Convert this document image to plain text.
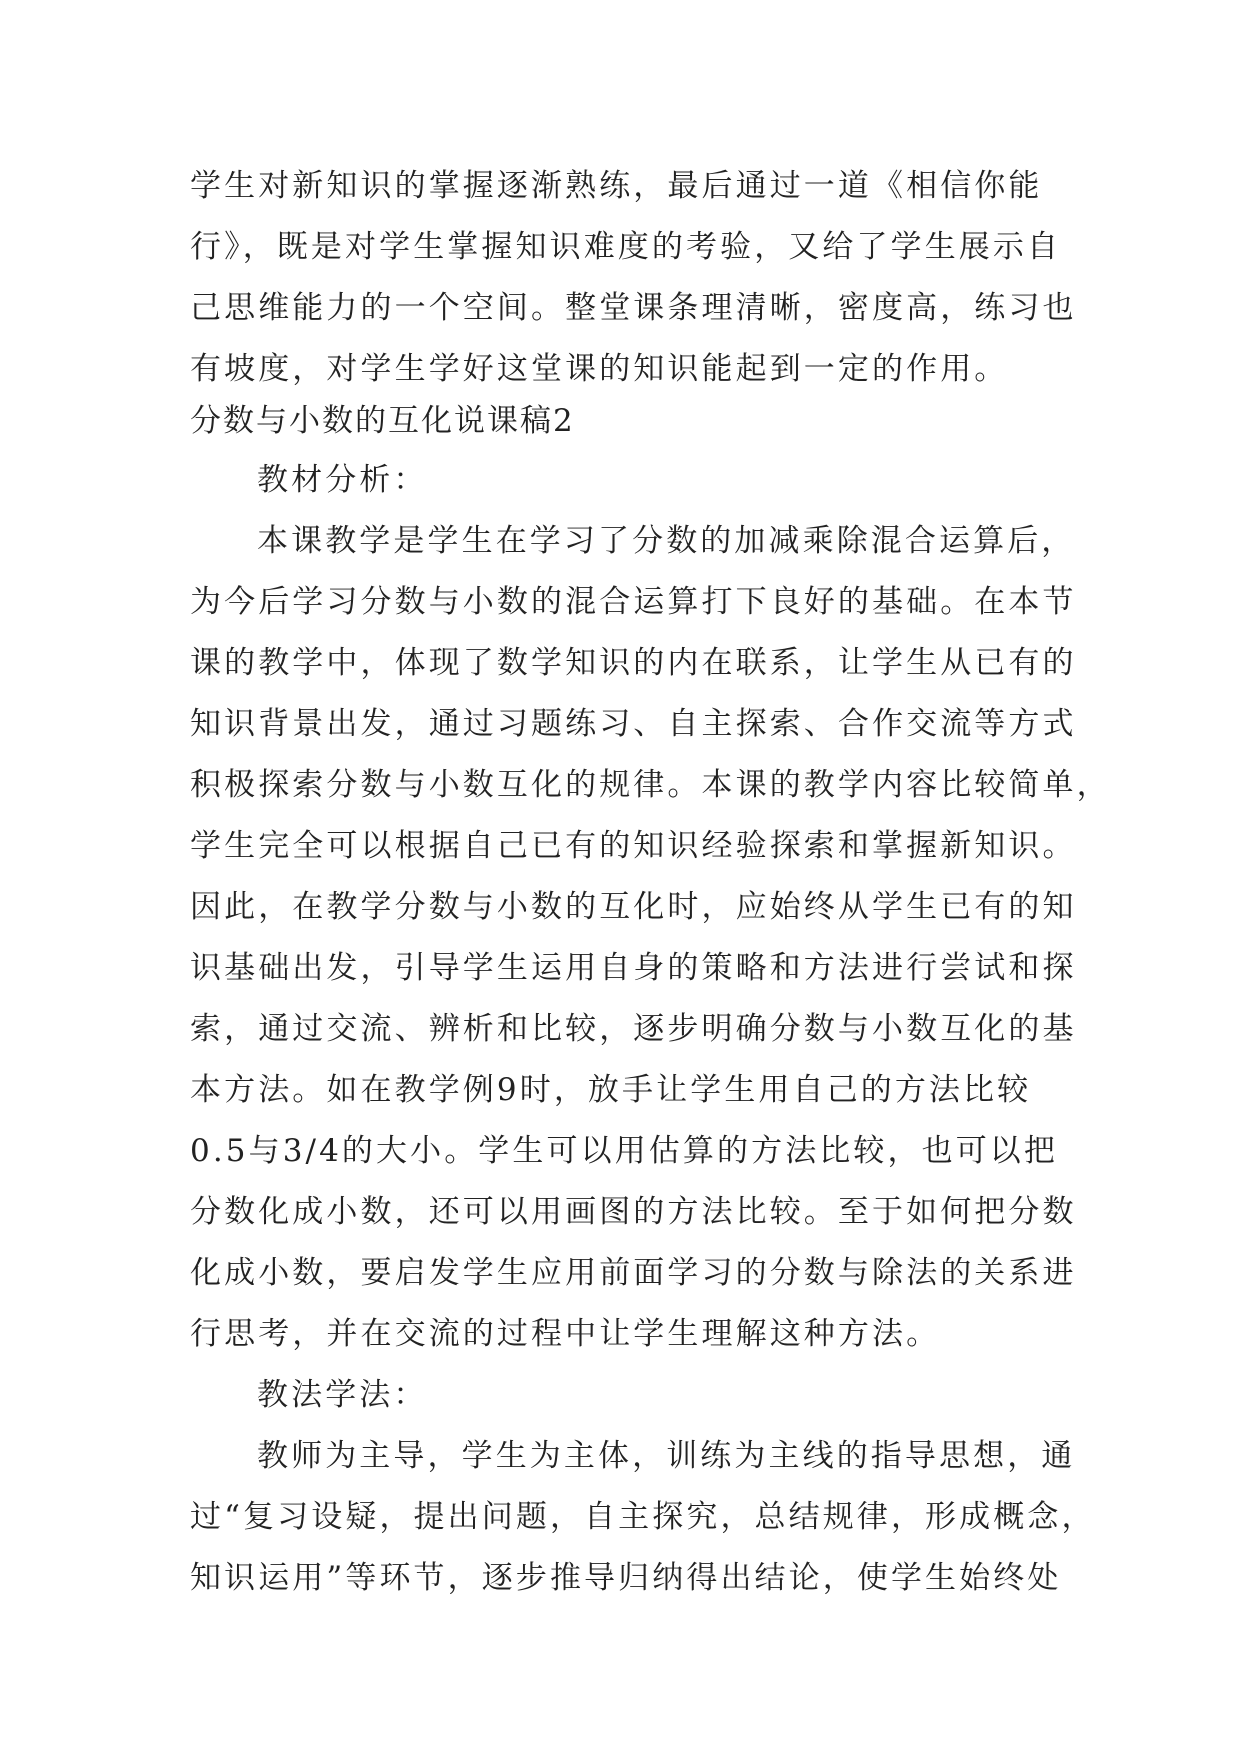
学生对新知识的掌握逐渐熟练，最后通过一道《相信你能
行》，既是对学生掌握知识难度的考验，又给了学生展示自
己思维能力的一个空间。整堂课条理清晰，密度高，练习也
有坡度，对学生学好这堂课的知识能起到一定的作用。
分数与小数的互化说课稿2
教材分析：
本课教学是学生在学习了分数的加减乘除混合运算后，
为今后学习分数与小数的混合运算打下良好的基础。在本节
课的教学中，体现了数学知识的内在联系，让学生从已有的
知识背景出发，通过习题练习、自主探索、合作交流等方式
积极探索分数与小数互化的规律。本课的教学内容比较简单，
学生完全可以根据自己已有的知识经验探索和掌握新知识。
因此，在教学分数与小数的互化时，应始终从学生已有的知
识基础出发，引导学生运用自身的策略和方法进行尝试和探
索，通过交流、辨析和比较，逐步明确分数与小数互化的基
本方法。如在教学例9时，放手让学生用自己的方法比较
0.5与3/4的大小。学生可以用估算的方法比较，也可以把
分数化成小数，还可以用画图的方法比较。至于如何把分数
化成小数，要启发学生应用前面学习的分数与除法的关系进
行思考，并在交流的过程中让学生理解这种方法。
教法学法：
教师为主导，学生为主体，训练为主线的指导思想，通
过“复习设疑，提出问题，自主探究，总结规律，形成概念，
知识运用”等环节，逐步推导归纳得出结论，使学生始终处
